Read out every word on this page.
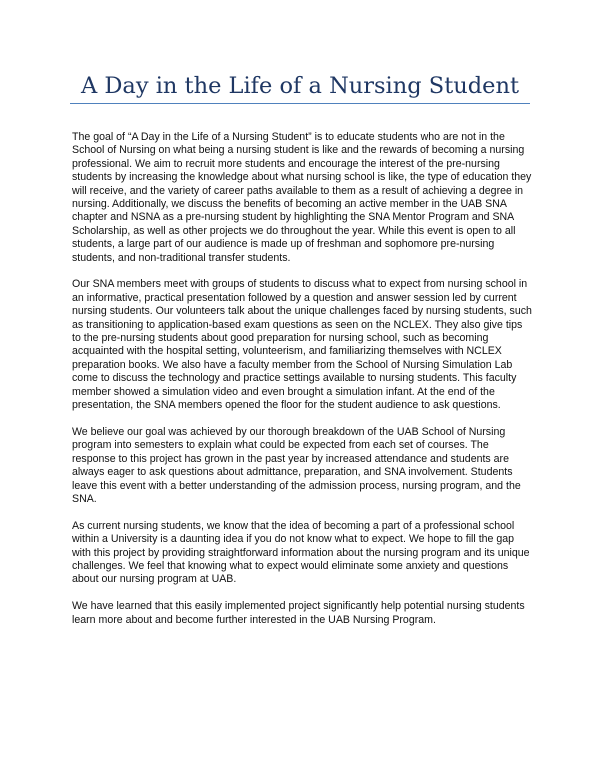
A Day in the Life of a Nursing Student

The goal of “A Day in the Life of a Nursing Student” is to educate students who are not in the School of Nursing on what being a nursing student is like and the rewards of becoming a nursing professional. We aim to recruit more students and encourage the interest of the pre-nursing students by increasing the knowledge about what nursing school is like, the type of education they will receive, and the variety of career paths available to them as a result of achieving a degree in nursing. Additionally, we discuss the benefits of becoming an active member in the UAB SNA chapter and NSNA as a pre-nursing student by highlighting the SNA Mentor Program and SNA Scholarship, as well as other projects we do throughout the year. While this event is open to all students, a large part of our audience is made up of freshman and sophomore pre-nursing students, and non-traditional transfer students.

Our SNA members meet with groups of students to discuss what to expect from nursing school in an informative, practical presentation followed by a question and answer session led by current nursing students. Our volunteers talk about the unique challenges faced by nursing students, such as transitioning to application-based exam questions as seen on the NCLEX. They also give tips to the pre-nursing students about good preparation for nursing school, such as becoming acquainted with the hospital setting, volunteerism, and familiarizing themselves with NCLEX preparation books. We also have a faculty member from the School of Nursing Simulation Lab come to discuss the technology and practice settings available to nursing students. This faculty member showed a simulation video and even brought a simulation infant. At the end of the presentation, the SNA members opened the floor for the student audience to ask questions.

We believe our goal was achieved by our thorough breakdown of the UAB School of Nursing program into semesters to explain what could be expected from each set of courses. The response to this project has grown in the past year by increased attendance and students are always eager to ask questions about admittance, preparation, and SNA involvement. Students leave this event with a better understanding of the admission process, nursing program, and the SNA.

As current nursing students, we know that the idea of becoming a part of a professional school within a University is a daunting idea if you do not know what to expect. We hope to fill the gap with this project by providing straightforward information about the nursing program and its unique challenges. We feel that knowing what to expect would eliminate some anxiety and questions about our nursing program at UAB.

We have learned that this easily implemented project significantly help potential nursing students learn more about and become further interested in the UAB Nursing Program.
